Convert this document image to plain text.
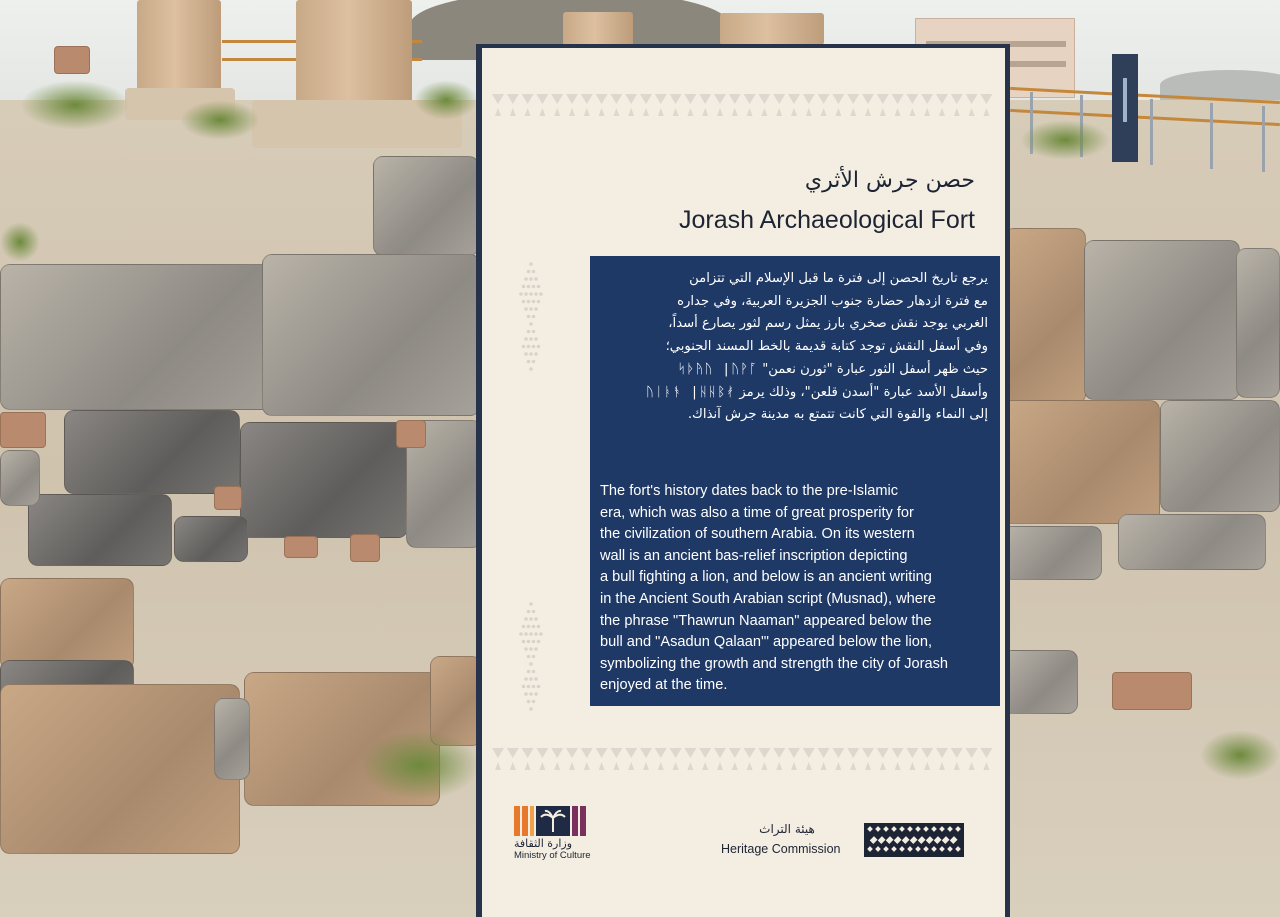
حصن جرش الأثري
Jorash Archaeological Fort

يرجع تاريخ الحصن إلى فترة ما قبل الإسلام التي تتزامن

مع فترة ازدهار حضارة جنوب الجزيرة العربية، وفي جداره

الغربي يوجد نقش صخري بارز يمثل رسم لثور يصارع أسداً،

وفي أسفل النقش توجد كتابة قديمة بالخط المسند الجنوبي؛

حيث ظهر أسفل الثور عبارة "ثورن نعمن" ᛋᚦᚤᚢ |ᚢᚹᚪ

وأسفل الأسد عبارة "أسدن قلعن"، وذلك يرمز ᚢᛁᚭᚬ |ᚺᚺᛒᚯ

إلى النماء والقوة التي كانت تتمتع به مدينة جرش آنذاك.

The fort's history dates back to the pre-Islamic

era, which was also a time of great prosperity for

the civilization of southern Arabia. On its western

wall is an ancient bas-relief inscription depicting

a bull fighting a lion, and below is an ancient writing

in the Ancient South Arabian script (Musnad), where

the phrase "Thawrun Naaman" appeared below the

bull and "Asadun Qalaan'" appeared below the lion,

symbolizing the growth and strength the city of Jorash

enjoyed at the time.

وزارة الثقافة
Ministry of Culture
هيئة التراث
Heritage Commission
